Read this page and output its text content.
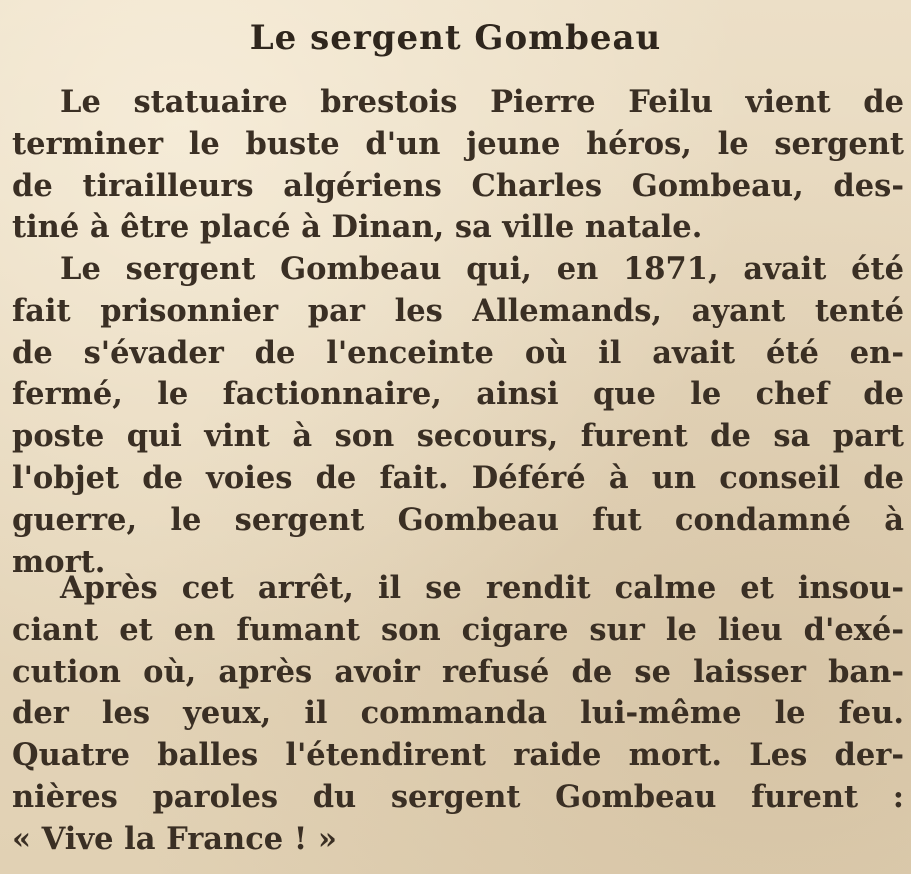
Le sergent Gombeau
Le statuaire brestois Pierre Feilu vient de
terminer le buste d'un jeune héros, le sergent
de tirailleurs algériens Charles Gombeau, des-
tiné à être placé à Dinan, sa ville natale.
Le sergent Gombeau qui, en 1871, avait été
fait prisonnier par les Allemands, ayant tenté
de s'évader de l'enceinte où il avait été en-
fermé, le factionnaire, ainsi que le chef de
poste qui vint à son secours, furent de sa part
l'objet de voies de fait. Déféré à un conseil de
guerre, le sergent Gombeau fut condamné à
mort.
Après cet arrêt, il se rendit calme et insou-
ciant et en fumant son cigare sur le lieu d'exé-
cution où, après avoir refusé de se laisser ban-
der les yeux, il commanda lui-même le feu.
Quatre balles l'étendirent raide mort. Les der-
nières paroles du sergent Gombeau furent :
« Vive la France ! »
